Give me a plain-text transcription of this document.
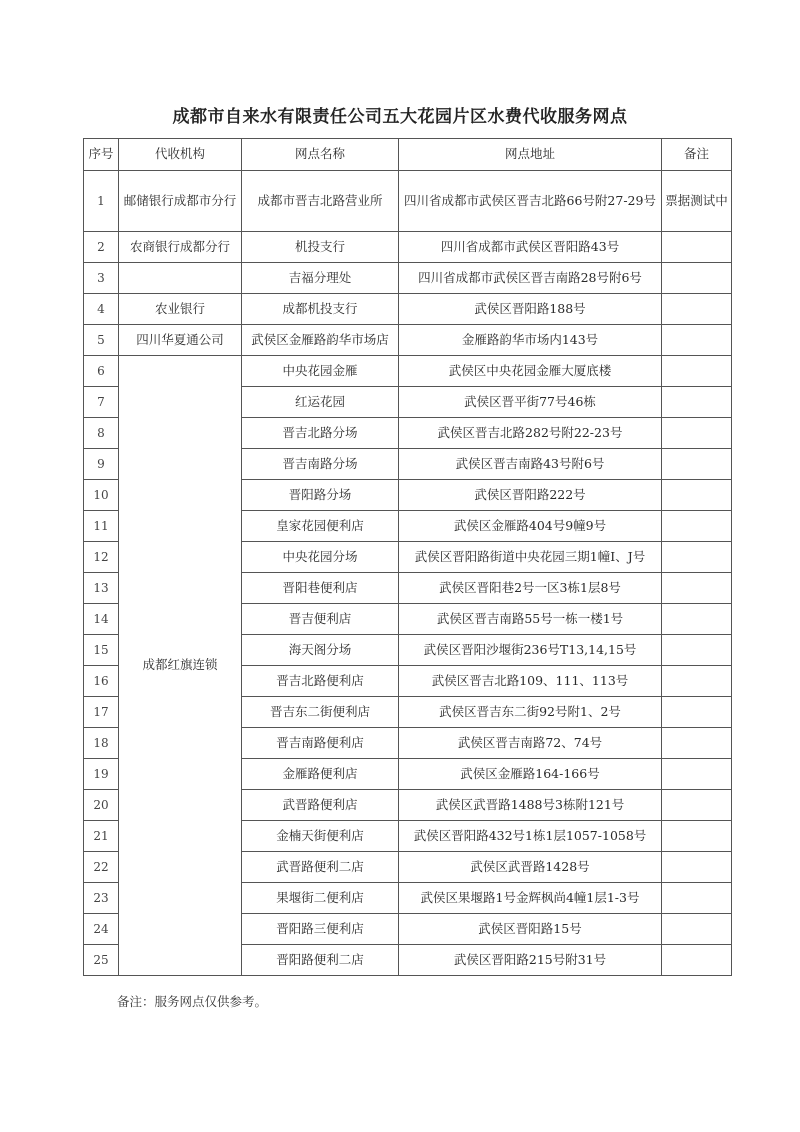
成都市自来水有限责任公司五大花园片区水费代收服务网点
序号	代收机构	网点名称	网点地址	备注
1	邮储银行成都市分行	成都市晋吉北路营业所	四川省成都市武侯区晋吉北路66号附27-29号	票据测试中
2	农商银行成都分行	机投支行	四川省成都市武侯区晋阳路43号	
3		吉福分理处	四川省成都市武侯区晋吉南路28号附6号	
4	农业银行	成都机投支行	武侯区晋阳路188号	
5	四川华夏通公司	武侯区金雁路韵华市场店	金雁路韵华市场内143号	
6	成都红旗连锁	中央花园金雁	武侯区中央花园金雁大厦底楼	
7		红运花园	武侯区晋平街77号46栋	
8		晋吉北路分场	武侯区晋吉北路282号附22-23号	
9		晋吉南路分场	武侯区晋吉南路43号附6号	
10		晋阳路分场	武侯区晋阳路222号	
11		皇家花园便利店	武侯区金雁路404号9幢9号	
12		中央花园分场	武侯区晋阳路街道中央花园三期1幢I、J号	
13		晋阳巷便利店	武侯区晋阳巷2号一区3栋1层8号	
14		晋吉便利店	武侯区晋吉南路55号一栋一楼1号	
15		海天阁分场	武侯区晋阳沙堰街236号T13,14,15号	
16		晋吉北路便利店	武侯区晋吉北路109、111、113号	
17		晋吉东二街便利店	武侯区晋吉东二街92号附1、2号	
18		晋吉南路便利店	武侯区晋吉南路72、74号	
19		金雁路便利店	武侯区金雁路164-166号	
20		武晋路便利店	武侯区武晋路1488号3栋附121号	
21		金楠天街便利店	武侯区晋阳路432号1栋1层1057-1058号	
22		武晋路便利二店	武侯区武晋路1428号	
23		果堰街二便利店	武侯区果堰路1号金辉枫尚4幢1层1-3号	
24		晋阳路三便利店	武侯区晋阳路15号	
25		晋阳路便利二店	武侯区晋阳路215号附31号	
备注：服务网点仅供参考。
